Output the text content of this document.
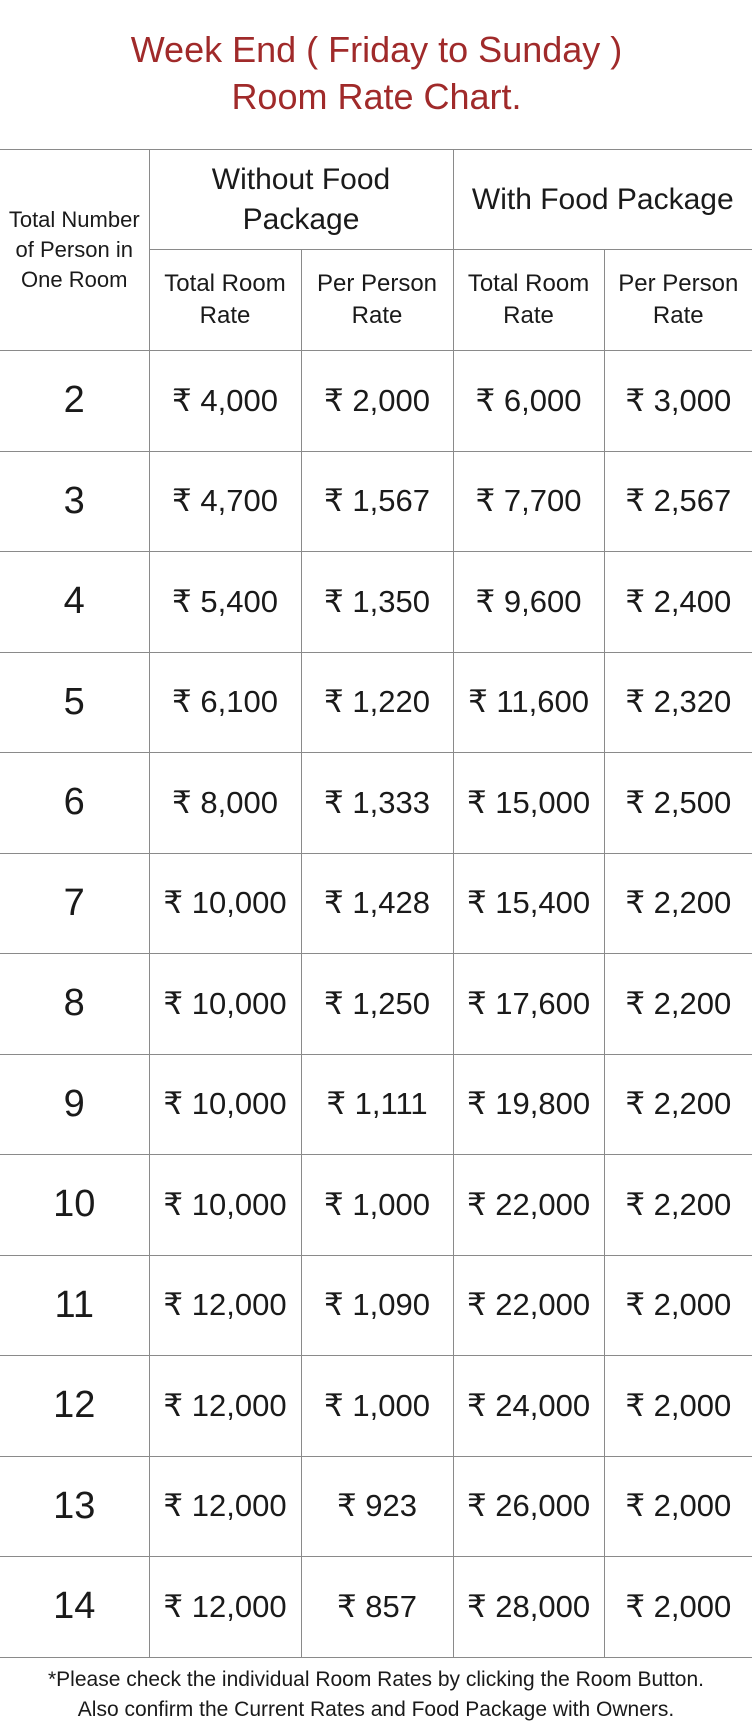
Week End ( Friday to Sunday )
Room Rate Chart.
Total Number of Person in One Room	Without Food Package		With Food Package	
	Total Room Rate	Per Person Rate	Total Room Rate	Per Person Rate
2	₹ 4,000	₹ 2,000	₹ 6,000	₹ 3,000
3	₹ 4,700	₹ 1,567	₹ 7,700	₹ 2,567
4	₹ 5,400	₹ 1,350	₹ 9,600	₹ 2,400
5	₹ 6,100	₹ 1,220	₹ 11,600	₹ 2,320
6	₹ 8,000	₹ 1,333	₹ 15,000	₹ 2,500
7	₹ 10,000	₹ 1,428	₹ 15,400	₹ 2,200
8	₹ 10,000	₹ 1,250	₹ 17,600	₹ 2,200
9	₹ 10,000	₹ 1,111	₹ 19,800	₹ 2,200
10	₹ 10,000	₹ 1,000	₹ 22,000	₹ 2,200
11	₹ 12,000	₹ 1,090	₹ 22,000	₹ 2,000
12	₹ 12,000	₹ 1,000	₹ 24,000	₹ 2,000
13	₹ 12,000	₹ 923	₹ 26,000	₹ 2,000
14	₹ 12,000	₹ 857	₹ 28,000	₹ 2,000
*Please check the individual Room Rates by clicking the Room Button.
Also confirm the Current Rates and Food Package with Owners.
